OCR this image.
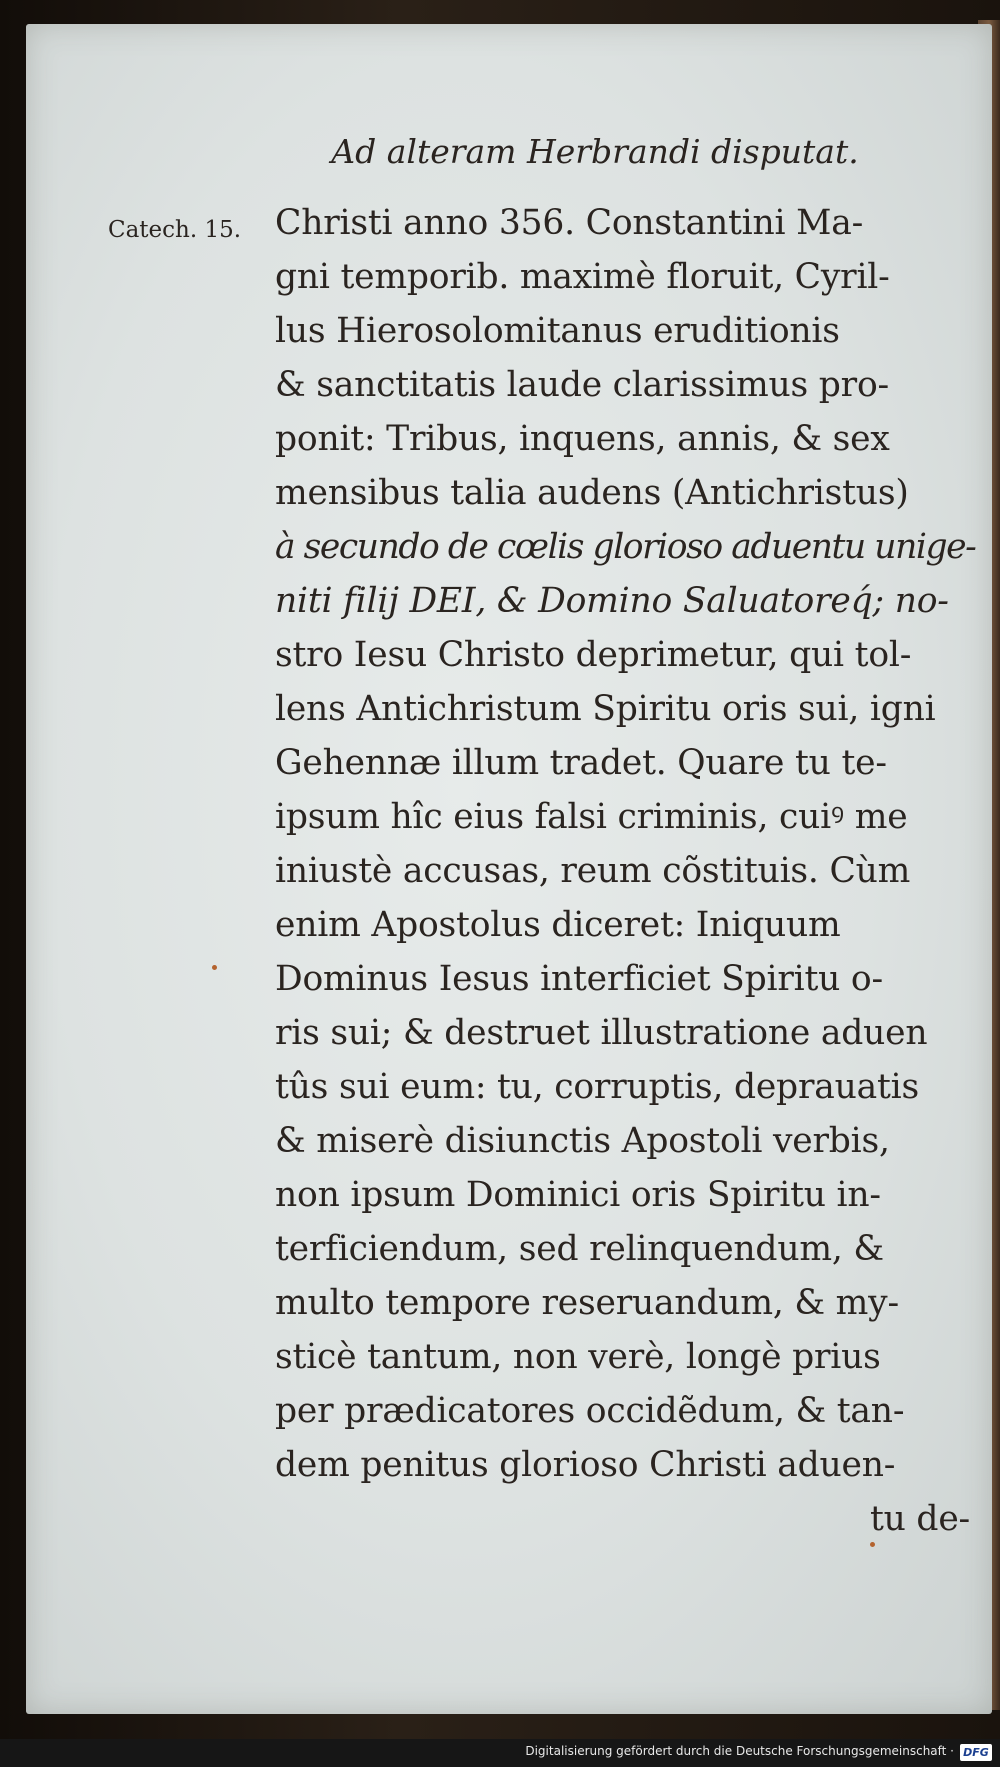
Ad alteram Herbrandi disputat.
Catech. 15. Christi anno 356. Constantini Ma-
gni temporib. maximè floruit, Cyril-
lus Hierosolomitanus eruditionis
& sanctitatis laude clarissimus pro-
ponit: Tribus, inquens, annis, & sex
mensibus talia audens (Antichristus)
à secundo de cœlis glorioso aduentu unige-
niti filij DEI, & Domino Saluatoreq́; no-
stro Iesu Christo deprimetur, qui tol-
lens Antichristum Spiritu oris sui, igni
Gehennæ illum tradet. Quare tu te-
ipsum hîc eius falsi criminis, cuiꝰ me
iniustè accusas, reum cõstituis. Cùm
enim Apostolus diceret: Iniquum
Dominus Iesus interficiet Spiritu o-
ris sui; & destruet illustratione aduen
tûs sui eum: tu, corruptis, deprauatis
& miserè disiunctis Apostoli verbis,
non ipsum Dominici oris Spiritu in-
terficiendum, sed relinquendum, &
multo tempore reseruandum, & my-
sticè tantum, non verè, longè prius
per prædicatores occidẽdum, & tan-
dem penitus glorioso Christi aduen-
tu de-
Digitalisierung gefördert durch die Deutsche Forschungsgemeinschaft · DFG
